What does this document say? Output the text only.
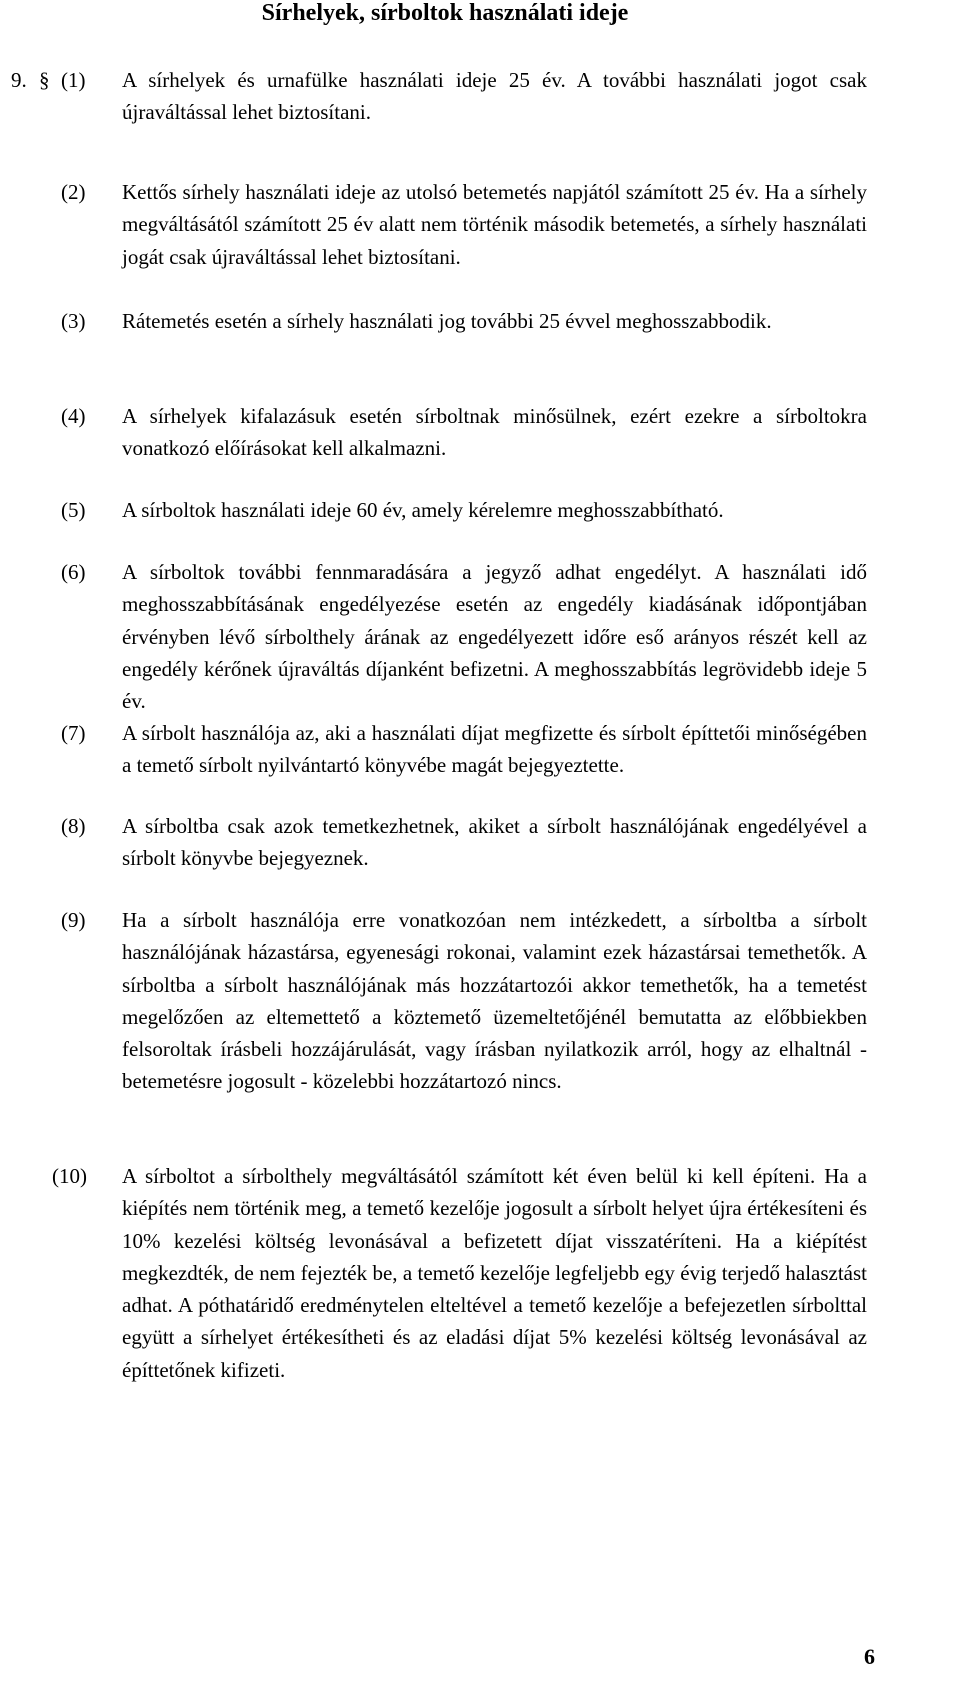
Sírhelyek, sírboltok használati ideje
9. § (1) A sírhelyek és urnafülke használati ideje 25 év. A további használati jogot csak újraváltással lehet biztosítani.

(2) Kettős sírhely használati ideje az utolsó betemetés napjától számított 25 év. Ha a sírhely megváltásától számított 25 év alatt nem történik második betemetés, a sírhely használati jogát csak újraváltással lehet biztosítani.

(3) Rátemetés esetén a sírhely használati jog további 25 évvel meghosszabbodik.

(4) A sírhelyek kifalazásuk esetén sírboltnak minősülnek, ezért ezekre a sírboltokra vonatkozó előírásokat kell alkalmazni.

(5) A sírboltok használati ideje 60 év, amely kérelemre meghosszabbítható.

(6) A sírboltok további fennmaradására a jegyző adhat engedélyt. A használati idő meghosszabbításának engedélyezése esetén az engedély kiadásának időpontjában érvényben lévő sírbolthely árának az engedélyezett időre eső arányos részét kell az engedély kérőnek újraváltás díjanként befizetni. A meghosszabbítás legrövidebb ideje 5 év.

(7) A sírbolt használója az, aki a használati díjat megfizette és sírbolt építtetői minőségében a temető sírbolt nyilvántartó könyvébe magát bejegyeztette.

(8) A sírboltba csak azok temetkezhetnek, akiket a sírbolt használójának engedélyével a sírbolt könyvbe bejegyeznek.

(9) Ha a sírbolt használója erre vonatkozóan nem intézkedett, a sírboltba a sírbolt használójának házastársa, egyenesági rokonai, valamint ezek házastársai temethetők. A sírboltba a sírbolt használójának más hozzátartozói akkor temethetők, ha a temetést megelőzően az eltemettető a köztemető üzemeltetőjénél bemutatta az előbbiekben felsoroltak írásbeli hozzájárulását, vagy írásban nyilatkozik arról, hogy az elhaltnál - betemetésre jogosult - közelebbi hozzátartozó nincs.

(10) A sírboltot a sírbolthely megváltásától számított két éven belül ki kell építeni. Ha a kiépítés nem történik meg, a temető kezelője jogosult a sírbolt helyet újra értékesíteni és 10% kezelési költség levonásával a befizetett díjat visszatéríteni. Ha a kiépítést megkezdték, de nem fejezték be, a temető kezelője legfeljebb egy évig terjedő halasztást adhat. A póthatáridő eredménytelen elteltével a temető kezelője a befejezetlen sírbolttal együtt a sírhelyet értékesítheti és az eladási díjat 5% kezelési költség levonásával az építtetőnek kifizeti.

6
